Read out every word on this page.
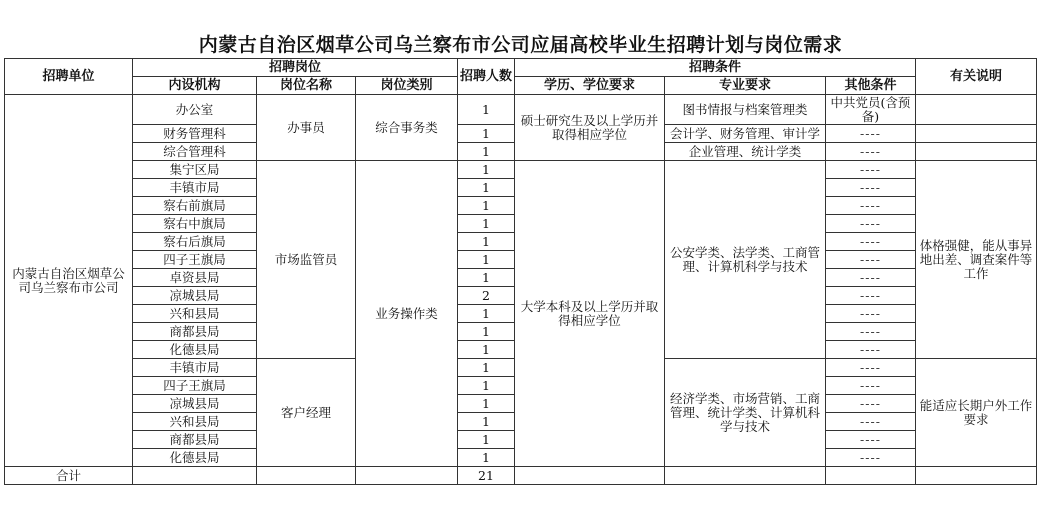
内蒙古自治区烟草公司乌兰察布市公司应届高校毕业生招聘计划与岗位需求
招聘单位	招聘岗位			招聘人数	招聘条件			有关说明
	内设机构	岗位名称	岗位类别		学历、学位要求	专业要求	其他条件	
内蒙古自治区烟草公司乌兰察布市公司	办公室	办事员	综合事务类	1	硕士研究生及以上学历并取得相应学位	图书情报与档案管理类	中共党员(含预备)	
	财务管理科			1		会计学、财务管理、审计学	----	
	综合管理科			1		企业管理、统计学类	----	
	集宁区局	市场监管员	业务操作类	1	大学本科及以上学历并取得相应学位	公安学类、法学类、工商管理、计算机科学与技术	----	体格强健，能从事异地出差、调查案件等工作
	丰镇市局			1			----	
	察右前旗局			1			----	
	察右中旗局			1			----	
	察右后旗局			1			----	
	四子王旗局			1			----	
	卓资县局			1			----	
	凉城县局			2			----	
	兴和县局			1			----	
	商都县局			1			----	
	化德县局			1			----	
	丰镇市局	客户经理		1		经济学类、市场营销、工商管理、统计学类、计算机科学与技术	----	能适应长期户外工作要求
	四子王旗局			1			----	
	凉城县局			1			----	
	兴和县局			1			----	
	商都县局			1			----	
	化德县局			1			----	
合计				21				
